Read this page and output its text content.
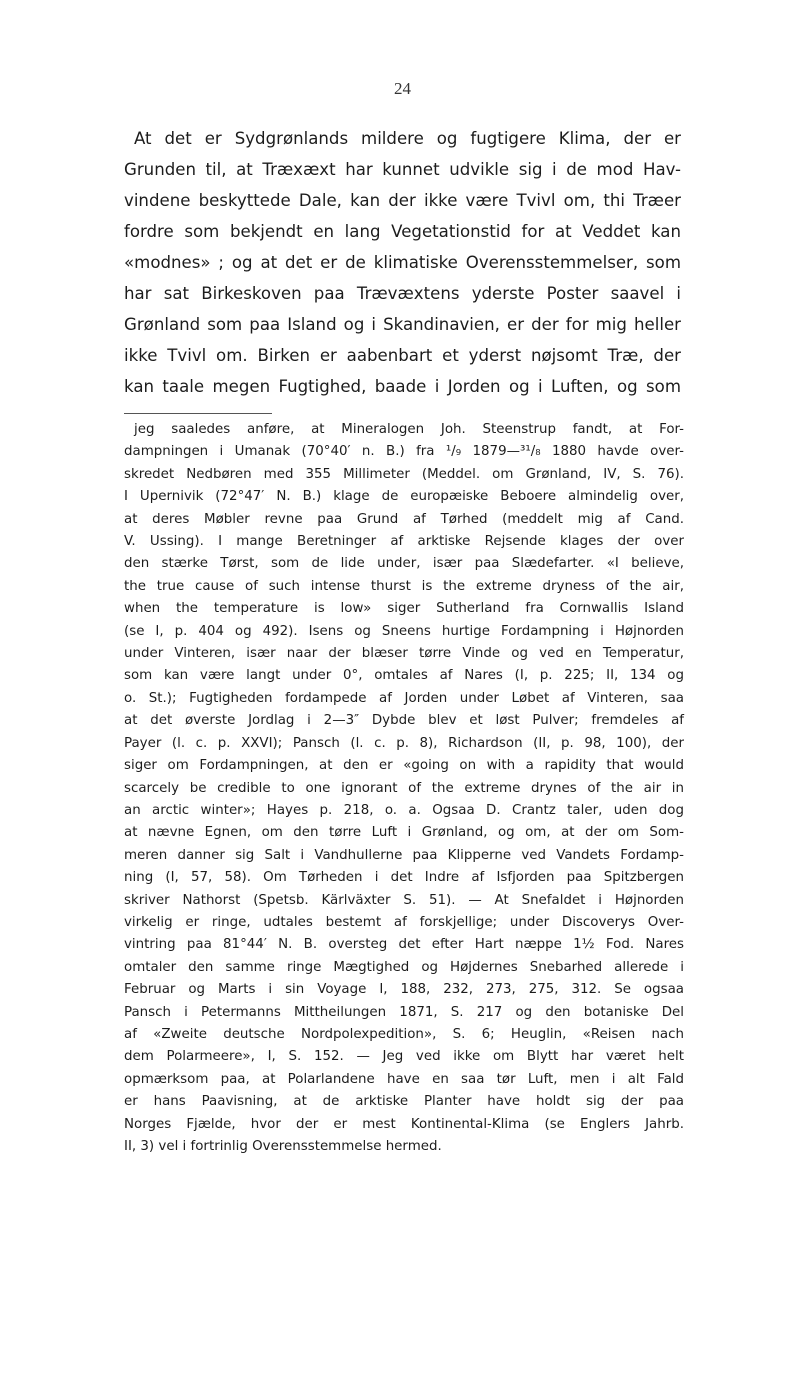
24
At det er Sydgrønlands mildere og fugtigere Klima, der er
Grunden til, at Træxæxt har kunnet udvikle sig i de mod Hav-
vindene beskyttede Dale, kan der ikke være Tvivl om, thi Træer
fordre som bekjendt en lang Vegetationstid for at Veddet kan
«modnes» ; og at det er de klimatiske Overensstemmelser, som
har sat Birkeskoven paa Trævæxtens yderste Poster saavel i
Grønland som paa Island og i Skandinavien, er der for mig heller
ikke Tvivl om. Birken er aabenbart et yderst nøjsomt Træ, der
kan taale megen Fugtighed, baade i Jorden og i Luften, og som
jeg saaledes anføre, at Mineralogen Joh. Steenstrup fandt, at For-
dampningen i Umanak (70°40′ n. B.) fra ¹/₉ 1879—³¹/₈ 1880 havde over-
skredet Nedbøren med 355 Millimeter (Meddel. om Grønland, IV, S. 76).
I Upernivik (72°47′ N. B.) klage de europæiske Beboere almindelig over,
at deres Møbler revne paa Grund af Tørhed (meddelt mig af Cand.
V. Ussing). I mange Beretninger af arktiske Rejsende klages der over
den stærke Tørst, som de lide under, især paa Slædefarter. «I believe,
the true cause of such intense thurst is the extreme dryness of the air,
when the temperature is low» siger Sutherland fra Cornwallis Island
(se I, p. 404 og 492). Isens og Sneens hurtige Fordampning i Højnorden
under Vinteren, især naar der blæser tørre Vinde og ved en Temperatur,
som kan være langt under 0°, omtales af Nares (I, p. 225; II, 134 og
o. St.); Fugtigheden fordampede af Jorden under Løbet af Vinteren, saa
at det øverste Jordlag i 2—3″ Dybde blev et løst Pulver; fremdeles af
Payer (l. c. p. XXVI); Pansch (l. c. p. 8), Richardson (II, p. 98, 100), der
siger om Fordampningen, at den er «going on with a rapidity that would
scarcely be credible to one ignorant of the extreme drynes of the air in
an arctic winter»; Hayes p. 218, o. a. Ogsaa D. Crantz taler, uden dog
at nævne Egnen, om den tørre Luft i Grønland, og om, at der om Som-
meren danner sig Salt i Vandhullerne paa Klipperne ved Vandets Fordamp-
ning (I, 57, 58). Om Tørheden i det Indre af Isfjorden paa Spitzbergen
skriver Nathorst (Spetsb. Kärlväxter S. 51). — At Snefaldet i Højnorden
virkelig er ringe, udtales bestemt af forskjellige; under Discoverys Over-
vintring paa 81°44′ N. B. oversteg det efter Hart næppe 1½ Fod. Nares
omtaler den samme ringe Mægtighed og Højdernes Snebarhed allerede i
Februar og Marts i sin Voyage I, 188, 232, 273, 275, 312. Se ogsaa
Pansch i Petermanns Mittheilungen 1871, S. 217 og den botaniske Del
af «Zweite deutsche Nordpolexpedition», S. 6; Heuglin, «Reisen nach
dem Polarmeere», I, S. 152. — Jeg ved ikke om Blytt har været helt
opmærksom paa, at Polarlandene have en saa tør Luft, men i alt Fald
er hans Paavisning, at de arktiske Planter have holdt sig der paa
Norges Fjælde, hvor der er mest Kontinental-Klima (se Englers Jahrb.
II, 3) vel i fortrinlig Overensstemmelse hermed.
